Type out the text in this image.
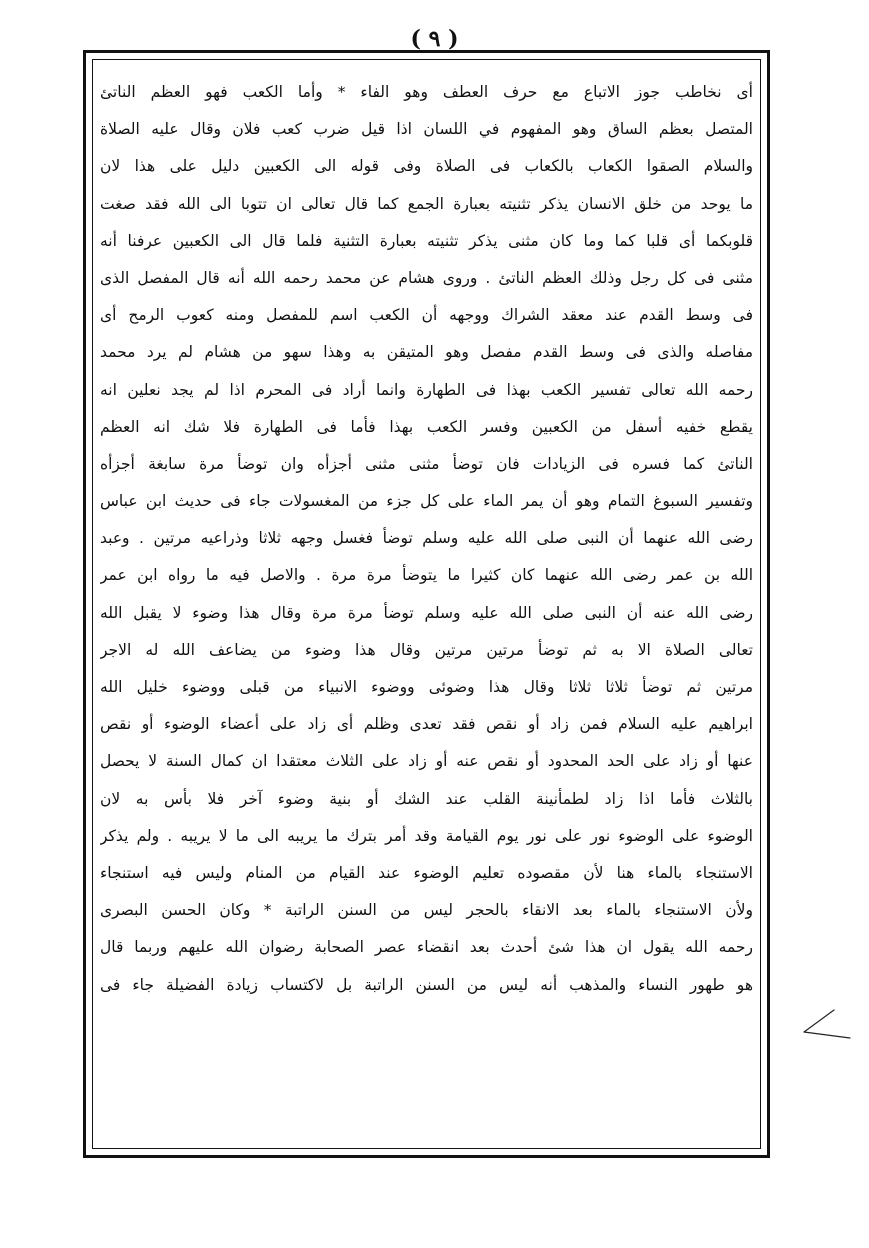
( ٩ )
أى نخاطب جوز الاتباع مع حرف العطف وهو الفاء * وأما الكعب فهو العظم الناتئ
المتصل بعظم الساق وهو المفهوم في اللسان اذا قيل ضرب كعب فلان وقال عليه الصلاة
والسلام الصقوا الكعاب بالكعاب فى الصلاة وفى قوله الى الكعبين دليل على هذا لان
ما يوحد من خلق الانسان يذكر تثنيته بعبارة الجمع كما قال تعالى ان تتوبا الى الله فقد صغت
قلوبكما أى قلبا كما وما كان مثنى يذكر تثنيته بعبارة التثنية فلما قال الى الكعبين عرفنا أنه
مثنى فى كل رجل وذلك العظم الناتئ . وروى هشام عن محمد رحمه الله أنه قال المفصل الذى
فى وسط القدم عند معقد الشراك ووجهه أن الكعب اسم للمفصل ومنه كعوب الرمح أى
مفاصله والذى فى وسط القدم مفصل وهو المتيقن به وهذا سهو من هشام لم يرد محمد
رحمه الله تعالى تفسير الكعب بهذا فى الطهارة وانما أراد فى المحرم اذا لم يجد نعلين انه
يقطع خفيه أسفل من الكعبين وفسر الكعب بهذا فأما فى الطهارة فلا شك انه العظم
الناتئ كما فسره فى الزيادات فان توضأ مثنى مثنى أجزأه وان توضأ مرة سابغة أجزأه
وتفسير السبوغ التمام وهو أن يمر الماء على كل جزء من المغسولات جاء فى حديث ابن عباس
رضى الله عنهما أن النبى صلى الله عليه وسلم توضأ فغسل وجهه ثلاثا وذراعيه مرتين . وعبد
الله بن عمر رضى الله عنهما كان كثيرا ما يتوضأ مرة مرة . والاصل فيه ما رواه ابن عمر
رضى الله عنه أن النبى صلى الله عليه وسلم توضأ مرة مرة وقال هذا وضوء لا يقبل الله
تعالى الصلاة الا به ثم توضأ مرتين مرتين وقال هذا وضوء من يضاعف الله له الاجر
مرتين ثم توضأ ثلاثا ثلاثا وقال هذا وضوئى ووضوء الانبياء من قبلى ووضوء خليل الله
ابراهيم عليه السلام فمن زاد أو نقص فقد تعدى وظلم أى زاد على أعضاء الوضوء أو نقص
عنها أو زاد على الحد المحدود أو نقص عنه أو زاد على الثلاث معتقدا ان كمال السنة لا يحصل
بالثلاث فأما اذا زاد لطمأنينة القلب عند الشك أو بنية وضوء آخر فلا بأس به لان
الوضوء على الوضوء نور على نور يوم القيامة وقد أمر بترك ما يريبه الى ما لا يريبه . ولم يذكر
الاستنجاء بالماء هنا لأن مقصوده تعليم الوضوء عند القيام من المنام وليس فيه استنجاء
ولأن الاستنجاء بالماء بعد الانقاء بالحجر ليس من السنن الراتبة * وكان الحسن البصرى
رحمه الله يقول ان هذا شئ أحدث بعد انقضاء عصر الصحابة رضوان الله عليهم وربما قال
هو طهور النساء والمذهب أنه ليس من السنن الراتبة بل لاكتساب زيادة الفضيلة جاء فى
